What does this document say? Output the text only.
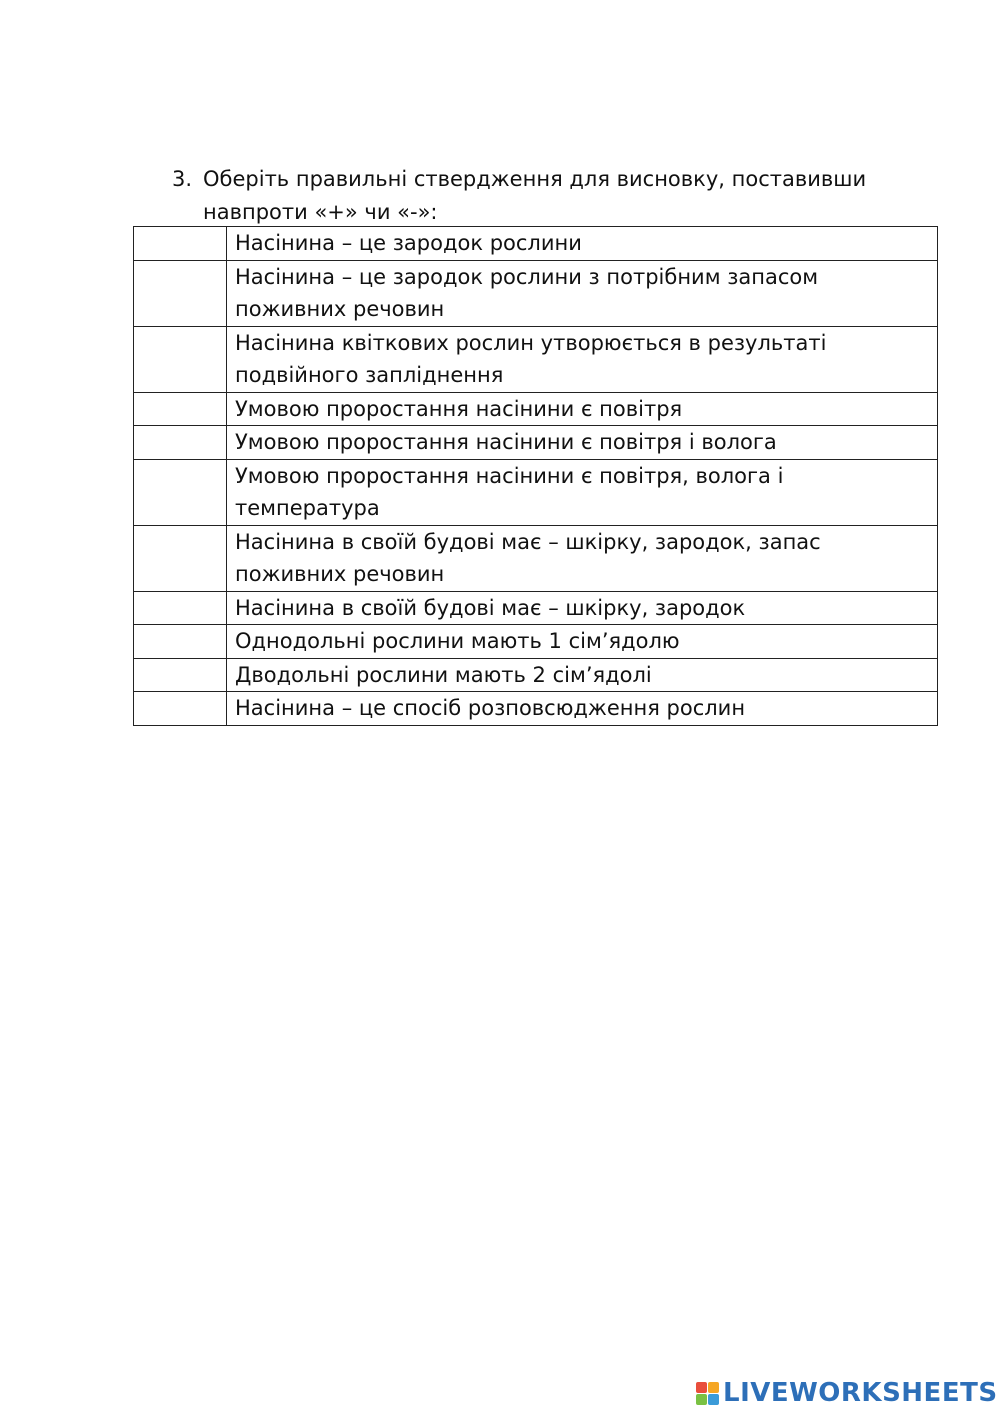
3. Оберіть правильні ствердження для висновку, поставивши навпроти «+» чи «-»:
	Насінина – це зародок рослини
	Насінина – це зародок рослини з потрібним запасом поживних речовин
	Насінина квіткових рослин утворюється в результаті подвійного запліднення
	Умовою проростання насінини є повітря
	Умовою проростання насінини є повітря і волога
	Умовою проростання насінини є повітря, волога і температура
	Насінина в своїй будові має – шкірку, зародок, запас поживних речовин
	Насінина в своїй будові має – шкірку, зародок
	Однодольні рослини мають 1 сім’ядолю
	Дводольні рослини мають 2 сім’ядолі
	Насінина – це спосіб розповсюдження рослин
LIVEWORKSHEETS
